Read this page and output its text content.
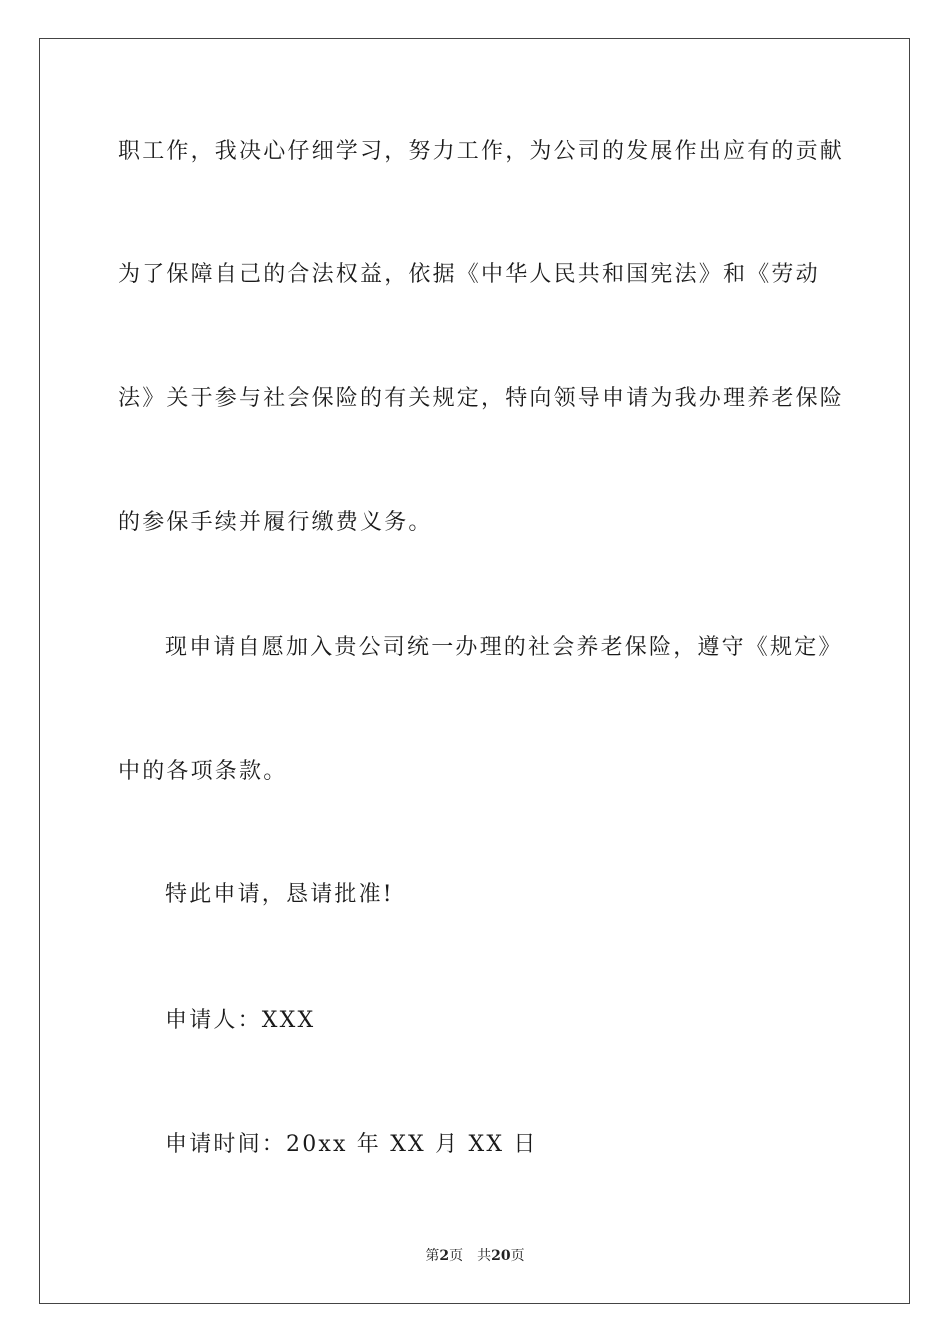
职工作，我决心仔细学习，努力工作，为公司的发展作出应有的贡献
为了保障自己的合法权益，依据《中华人民共和国宪法》和《劳动
法》关于参与社会保险的有关规定，特向领导申请为我办理养老保险
的参保手续并履行缴费义务。
现申请自愿加入贵公司统一办理的社会养老保险，遵守《规定》
中的各项条款。
特此申请，恳请批准!
申请人：XXX
申请时间：20xx 年 XX 月 XX 日
第2页 共20页
